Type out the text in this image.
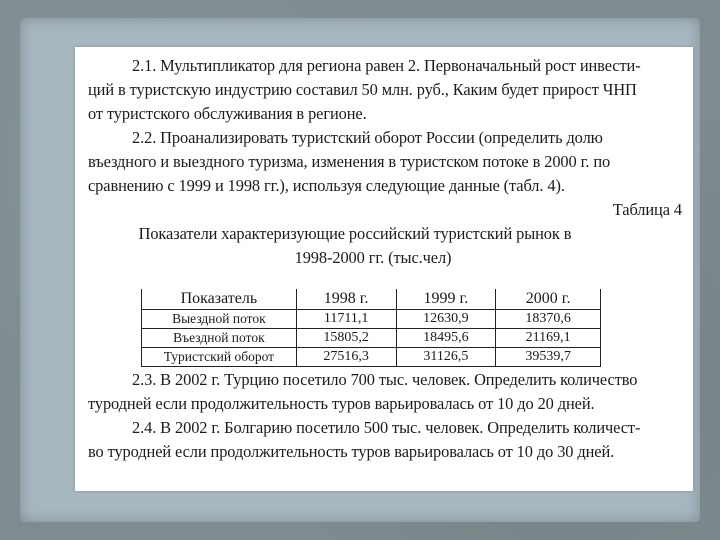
2.1. Мультипликатор для региона равен 2. Первоначальный рост инвести-
ций в туристскую индустрию составил 50 млн. руб., Каким будет прирост ЧНП
от туристского обслуживания в регионе.
2.2. Проанализировать туристский оборот России (определить долю
въездного и выездного туризма, изменения в туристском потоке в 2000 г. по
сравнению с 1999 и 1998 гг.), используя следующие данные (табл. 4).
Таблица 4
Показатели характеризующие российский туристский рынок в
1998-2000 гг. (тыс.чел)
Показатель	1998 г.	1999 г.	2000 г.
Выездной поток	11711,1	12630,9	18370,6
Въездной поток	15805,2	18495,6	21169,1
Туристский оборот	27516,3	31126,5	39539,7
2.3. В 2002 г. Турцию посетило 700 тыс. человек. Определить количество
туродней если продолжительность туров варьировалась от 10 до 20 дней.
2.4. В 2002 г. Болгарию посетило 500 тыс. человек. Определить количест-
во туродней если продолжительность туров варьировалась от 10 до 30 дней.
